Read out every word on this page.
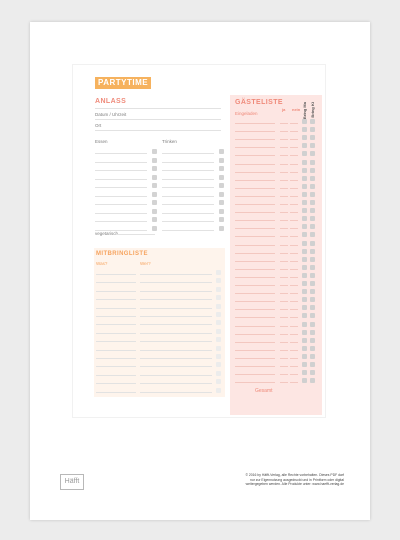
PARTYTIME
ANLASS
Datum / Uhrzeit
Ort
Essen	Trinken
vegetarisch
MITBRINGLISTE
Was?	Wer?
GÄSTELISTE
Eingeladen
ja nein Bring Ma Bring Ki
Gesamt
Häfft
© 2016 by Häfft-Verlag, alle Rechte vorbehalten. Dieses PDF darf nur zur Eigennutzung ausgedruckt und in Printform oder digital weitergegeben werden. Alle Produkte unter: www.haefft-verlag.de
